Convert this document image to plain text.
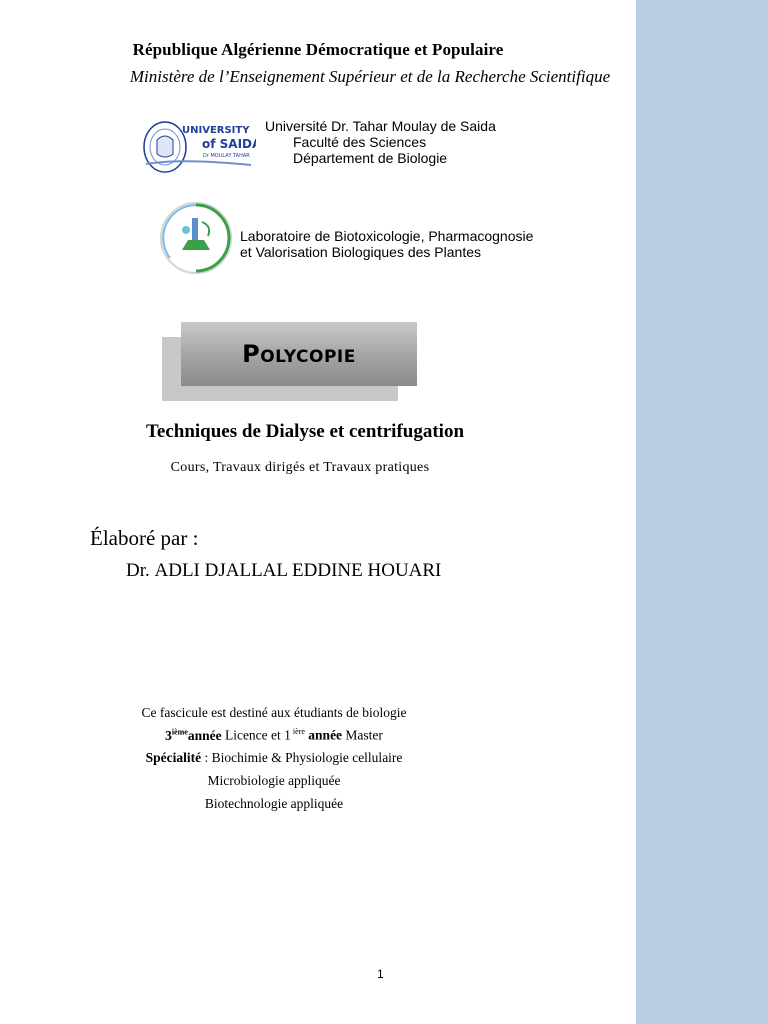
République Algérienne Démocratique et Populaire
Ministère de l’Enseignement Supérieur et de la Recherche Scientifique
UNIVERSITY
of SAIDA
Dr MOULAY TAHAR
Université Dr. Tahar Moulay de Saida
Faculté des Sciences
Département de Biologie
Laboratoire de Biotoxicologie, Pharmacognosie
et Valorisation Biologiques des Plantes
Polycopie
Techniques de Dialyse et centrifugation
Cours, Travaux dirigés et Travaux pratiques
Élaboré par :
Dr. ADLI DJALLAL EDDINE HOUARI
Ce fascicule est destiné aux étudiants de biologie
3ièmeannée Licence et 1 $^{ière}$ année Master
Spécialité : Biochimie & Physiologie cellulaire
Microbiologie appliquée
Biotechnologie appliquée
1
